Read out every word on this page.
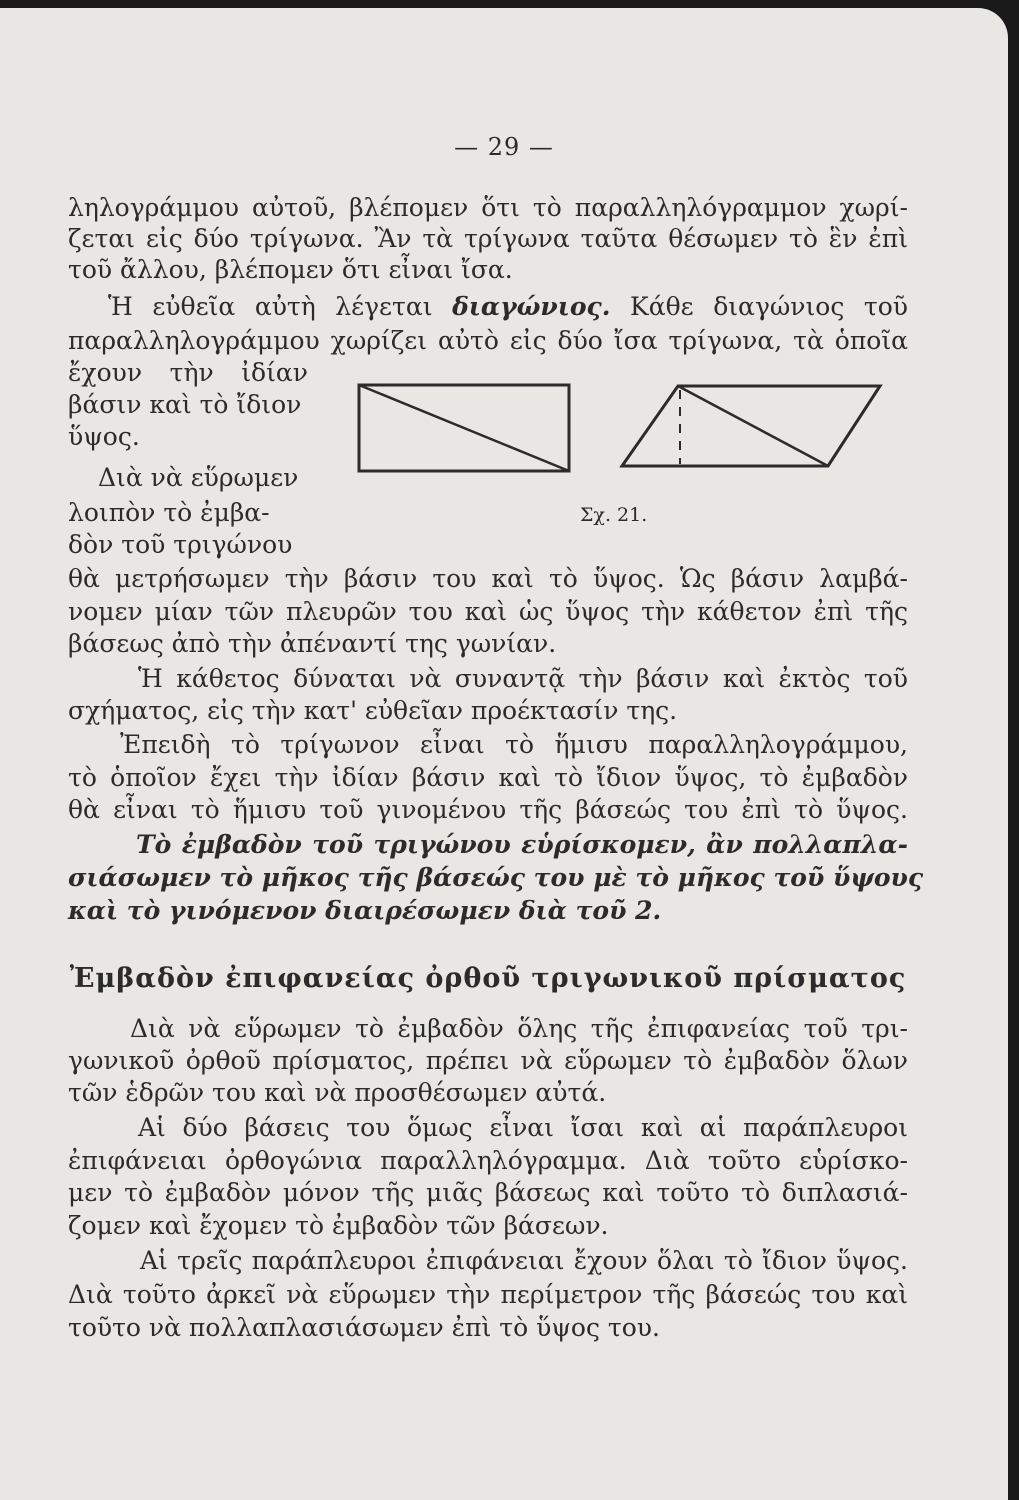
— 29 —
ληλογράμμου αὐτοῦ, βλέπομεν ὅτι τὸ παραλληλόγραμμον χωρί-
ζεται εἰς δύο τρίγωνα. Ἂν τὰ τρίγωνα ταῦτα θέσωμεν τὸ ἓν ἐπὶ
τοῦ ἄλλου, βλέπομεν ὅτι εἶναι ἴσα.
Ἡ εὐθεῖα αὐτὴ λέγεται διαγώνιος. Κάθε διαγώνιος τοῦ
παραλληλογράμμου χωρίζει αὐτὸ εἰς δύο ἴσα τρίγωνα, τὰ ὁποῖα
ἔχουν τὴν ἰδίαν
βάσιν καὶ τὸ ἴδιον
ὕψος.
Διὰ νὰ εὕρωμεν
λοιπὸν τὸ ἐμβα-
δὸν τοῦ τριγώνου
Σχ. 21.
θὰ μετρήσωμεν τὴν βάσιν του καὶ τὸ ὕψος. Ὡς βάσιν λαμβά-
νομεν μίαν τῶν πλευρῶν του καὶ ὡς ὕψος τὴν κάθετον ἐπὶ τῆς
βάσεως ἀπὸ τὴν ἀπέναντί της γωνίαν.
Ἡ κάθετος δύναται νὰ συναντᾷ τὴν βάσιν καὶ ἐκτὸς τοῦ
σχήματος, εἰς τὴν κατ' εὐθεῖαν προέκτασίν της.
Ἐπειδὴ τὸ τρίγωνον εἶναι τὸ ἥμισυ παραλληλογράμμου,
τὸ ὁποῖον ἔχει τὴν ἰδίαν βάσιν καὶ τὸ ἴδιον ὕψος, τὸ ἐμβαδὸν
θὰ εἶναι τὸ ἥμισυ τοῦ γινομένου τῆς βάσεώς του ἐπὶ τὸ ὕψος.
Τὸ ἐμβαδὸν τοῦ τριγώνου εὑρίσκομεν, ἂν πολλαπλα-
σιάσωμεν τὸ μῆκος τῆς βάσεώς του μὲ τὸ μῆκος τοῦ ὕψους
καὶ τὸ γινόμενον διαιρέσωμεν διὰ τοῦ 2.
Ἐμβαδὸν ἐπιφανείας ὀρθοῦ τριγωνικοῦ πρίσματος
Διὰ νὰ εὕρωμεν τὸ ἐμβαδὸν ὅλης τῆς ἐπιφανείας τοῦ τρι-
γωνικοῦ ὀρθοῦ πρίσματος, πρέπει νὰ εὕρωμεν τὸ ἐμβαδὸν ὅλων
τῶν ἑδρῶν του καὶ νὰ προσθέσωμεν αὐτά.
Αἱ δύο βάσεις του ὅμως εἶναι ἴσαι καὶ αἱ παράπλευροι
ἐπιφάνειαι ὀρθογώνια παραλληλόγραμμα. Διὰ τοῦτο εὑρίσκο-
μεν τὸ ἐμβαδὸν μόνον τῆς μιᾶς βάσεως καὶ τοῦτο τὸ διπλασιά-
ζομεν καὶ ἔχομεν τὸ ἐμβαδὸν τῶν βάσεων.
Αἱ τρεῖς παράπλευροι ἐπιφάνειαι ἔχουν ὅλαι τὸ ἴδιον ὕψος.
Διὰ τοῦτο ἀρκεῖ νὰ εὕρωμεν τὴν περίμετρον τῆς βάσεώς του καὶ
τοῦτο νὰ πολλαπλασιάσωμεν ἐπὶ τὸ ὕψος του.
